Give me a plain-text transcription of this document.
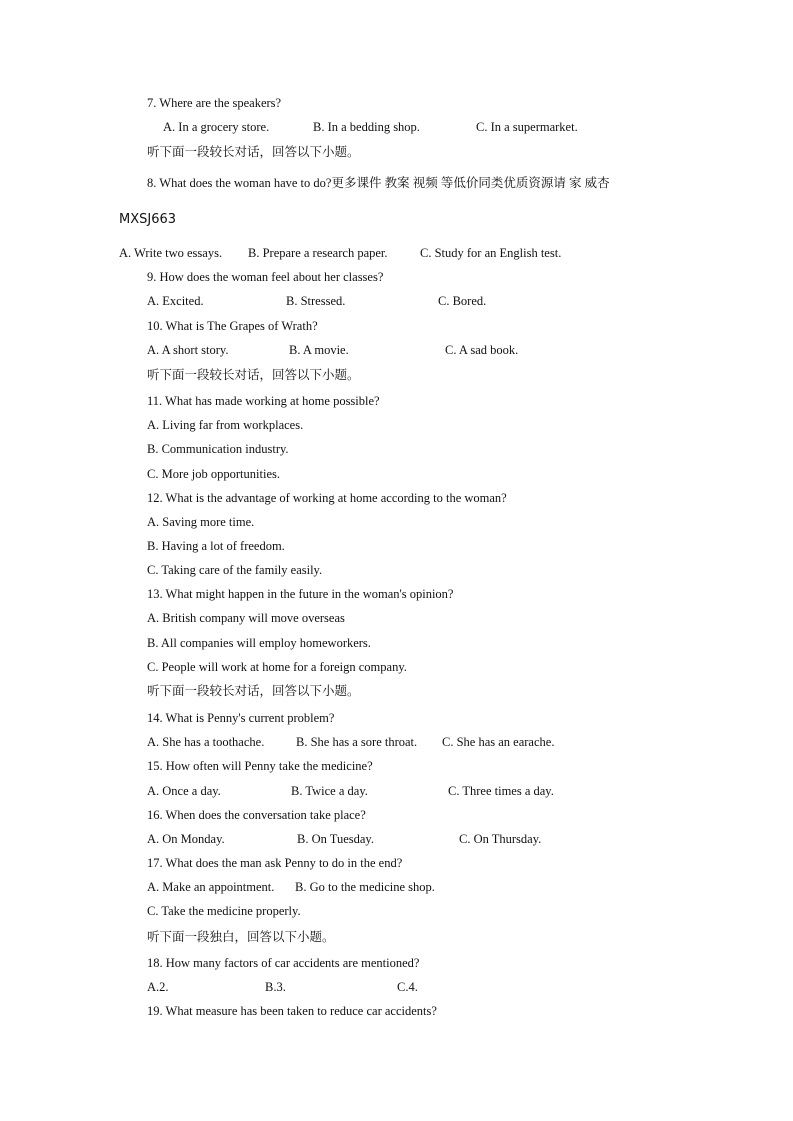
7. Where are the speakers?
A. In a grocery store.	B. In a bedding shop.	C. In a supermarket.
听下面一段较长对话，回答以下小题。
8. What does the woman have to do?更多课件 教案 视频 等低价同类优质资源请 家 威杏
MXSJ663
A. Write two essays. B. Prepare a research paper.	C. Study for an English test.
9. How does the woman feel about her classes?
A. Excited.	B. Stressed.	C. Bored.
10. What is The Grapes of Wrath?
A. A short story.	B. A movie.	C. A sad book.
听下面一段较长对话，回答以下小题。
11. What has made working at home possible?
A. Living far from workplaces.
B. Communication industry.
C. More job opportunities.
12. What is the advantage of working at home according to the woman?
A. Saving more time.
B. Having a lot of freedom.
C. Taking care of the family easily.
13. What might happen in the future in the woman's opinion?
A. British company will move overseas
B. All companies will employ homeworkers.
C. People will work at home for a foreign company.
听下面一段较长对话，回答以下小题。
14. What is Penny's current problem?
A. She has a toothache.	B. She has a sore throat. C. She has an earache.
15. How often will Penny take the medicine?
A. Once a day.	B. Twice a day.	C. Three times a day.
16. When does the conversation take place?
A. On Monday.	B. On Tuesday.	C. On Thursday.
17. What does the man ask Penny to do in the end?
A. Make an appointment. B. Go to the medicine shop.
C. Take the medicine properly.
听下面一段独白，回答以下小题。
18. How many factors of car accidents are mentioned?
A.2.	B.3.	C.4.
19. What measure has been taken to reduce car accidents?
